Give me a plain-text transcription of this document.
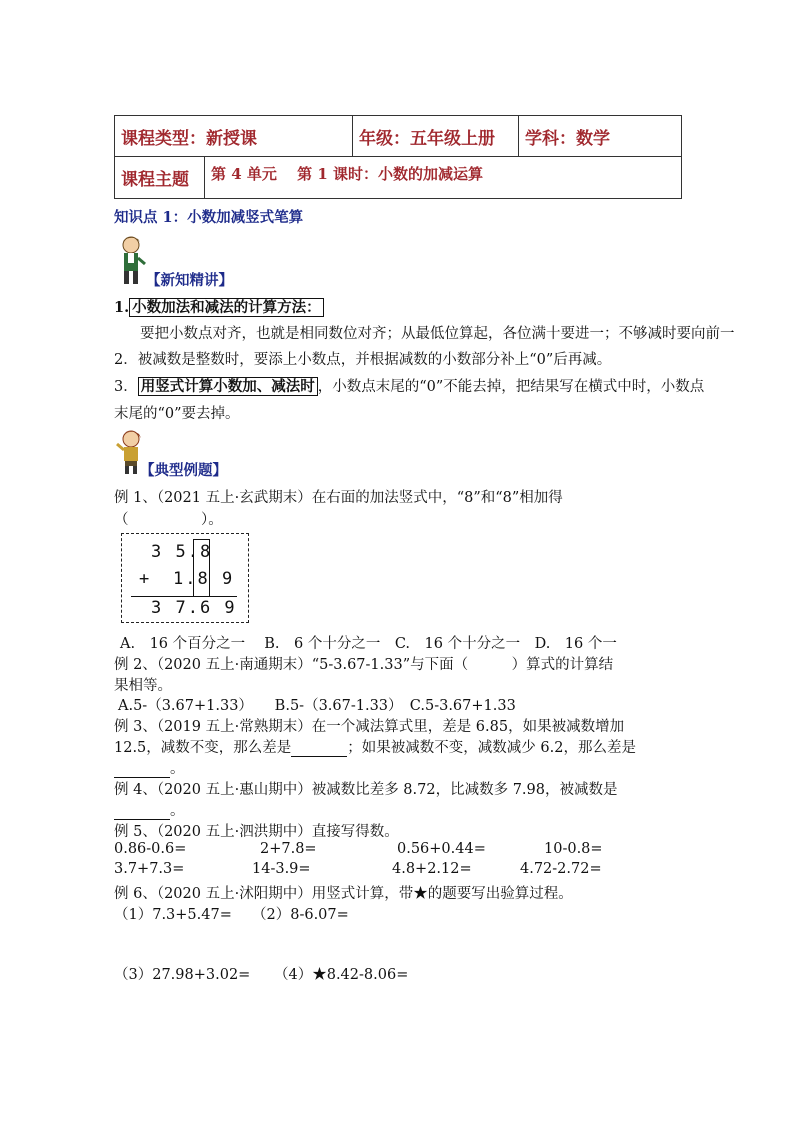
课程类型：新授课		年级：五年级上册	学科：数学
课程主题	第 4 单元　 第 1 课时：小数的加减运算		
知识点 1：小数加减竖式笔算
【新知精讲】
1. 小数加法和减法的计算方法：
要把小数点对齐，也就是相同数位对齐；从最低位算起，各位满十要进一；不够减时要向前一
2．被减数是整数时，要添上小数点，并根据减数的小数部分补上“0”后再减。
3． 用竖式计算小数加、减法时 ，小数点末尾的“0”不能去掉，把结果写在横式中时，小数点
末尾的“0”要去掉。
【典型例题】
例 1、（2021 五上·玄武期末）在右面的加法竖式中，“8”和“8”相加得
（　　　　　）。
3 5.8
+ 1.8 9
3 7.6 9
A.　16 个百分之一　 B.　6 个十分之一　C.　16 个十分之一　D.　16 个一
例 2、（2020 五上·南通期末）“5-3.67-1.33”与下面（　　　）算式的计算结
果相等。
A.5-（3.67+1.33）　　B.5-（3.67-1.33）　C.5-3.67+1.33
例 3、（2019 五上·常熟期末）在一个减法算式里，差是 6.85，如果被减数增加
12.5，减数不变，那么差是	；如果被减数不变，减数减少 6.2，那么差是
。
例 4、（2020 五上·惠山期中）被减数比差多 8.72，比减数多 7.98，被减数是
。
例 5、（2020 五上·泗洪期中）直接写得数。
0.86-0.6=	2+7.8=	0.56+0.44=	10-0.8=
3.7+7.3=	14-3.9=	4.8+2.12=	4.72-2.72=
例 6、（2020 五上·沭阳期中）用竖式计算，带★的题要写出验算过程。
（1）7.3+5.47= （2）8-6.07=
（3）27.98+3.02= （4）★8.42-8.06=
